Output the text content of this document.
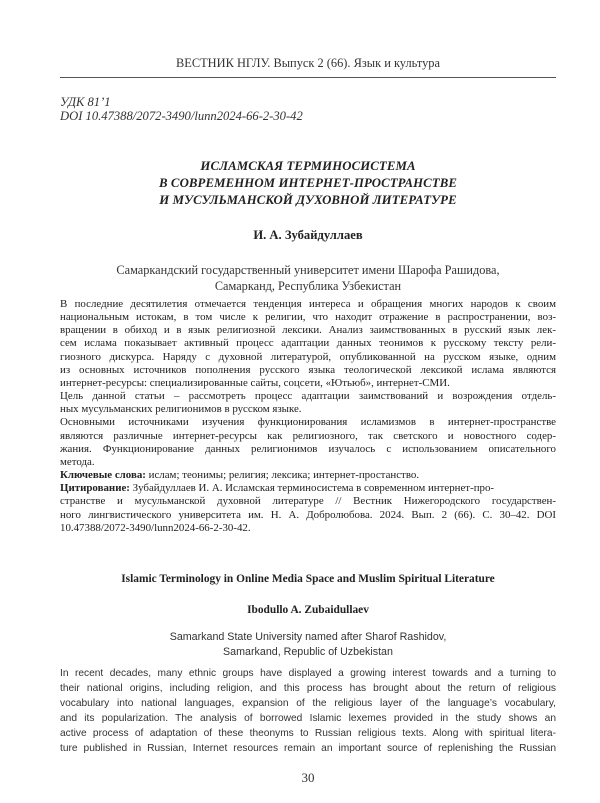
ВЕСТНИК НГЛУ. Выпуск 2 (66). Язык и культура
УДК 81’1
DOI 10.47388/2072-3490/lunn2024-66-2-30-42
ИСЛАМСКАЯ ТЕРМИНОСИСТЕМА
В СОВРЕМЕННОМ ИНТЕРНЕТ-ПРОСТРАНСТВЕ
И МУСУЛЬМАНСКОЙ ДУХОВНОЙ ЛИТЕРАТУРЕ
И. А. Зубайдуллаев
Самаркандский государственный университет имени Шарофа Рашидова,
Самарканд, Республика Узбекистан
В последние десятилетия отмечается тенденция интереса и обращения многих народов к своим
национальным истокам, в том числе к религии, что находит отражение в распространении, воз-
вращении в обиход и в язык религиозной лексики. Анализ заимствованных в русский язык лек-
сем ислама показывает активный процесс адаптации данных теонимов к русскому тексту рели-
гиозного дискурса. Наряду с духовной литературой, опубликованной на русском языке, одним
из основных источников пополнения русского языка теологической лексикой ислама являются
интернет-ресурсы: специализированные сайты, соцсети, «Ютьюб», интернет-СМИ.
Цель данной статьи – рассмотреть процесс адаптации заимствований и возрождения отдель-
ных мусульманских религионимов в русском языке.
Основными источниками изучения функционирования исламизмов в интернет-пространстве
являются различные интернет-ресурсы как религиозного, так светского и новостного содер-
жания. Функционирование данных религионимов изучалось с использованием описательного
метода.
Ключевые слова: ислам; теонимы; религия; лексика; интернет-простанство.
Цитирование: Зубайдуллаев И. А. Исламская терминосистема в современном интернет-про-
странстве и мусульманской духовной литературе // Вестник Нижегородского государствен-
ного лингвистического университета им. Н. А. Добролюбова. 2024. Вып. 2 (66). С. 30–42. DOI
10.47388/2072-3490/lunn2024-66-2-30-42.
Islamic Terminology in Online Media Space and Muslim Spiritual Literature
Ibodullo A. Zubaidullaev
Samarkand State University named after Sharof Rashidov,
Samarkand, Republic of Uzbekistan
In recent decades, many ethnic groups have displayed a growing interest towards and a turning to
their national origins, including religion, and this process has brought about the return of religious
vocabulary into national languages, expansion of the religious layer of the language’s vocabulary,
and its popularization. The analysis of borrowed Islamic lexemes provided in the study shows an
active process of adaptation of these theonyms to Russian religious texts. Along with spiritual litera-
ture published in Russian, Internet resources remain an important source of replenishing the Russian
30
